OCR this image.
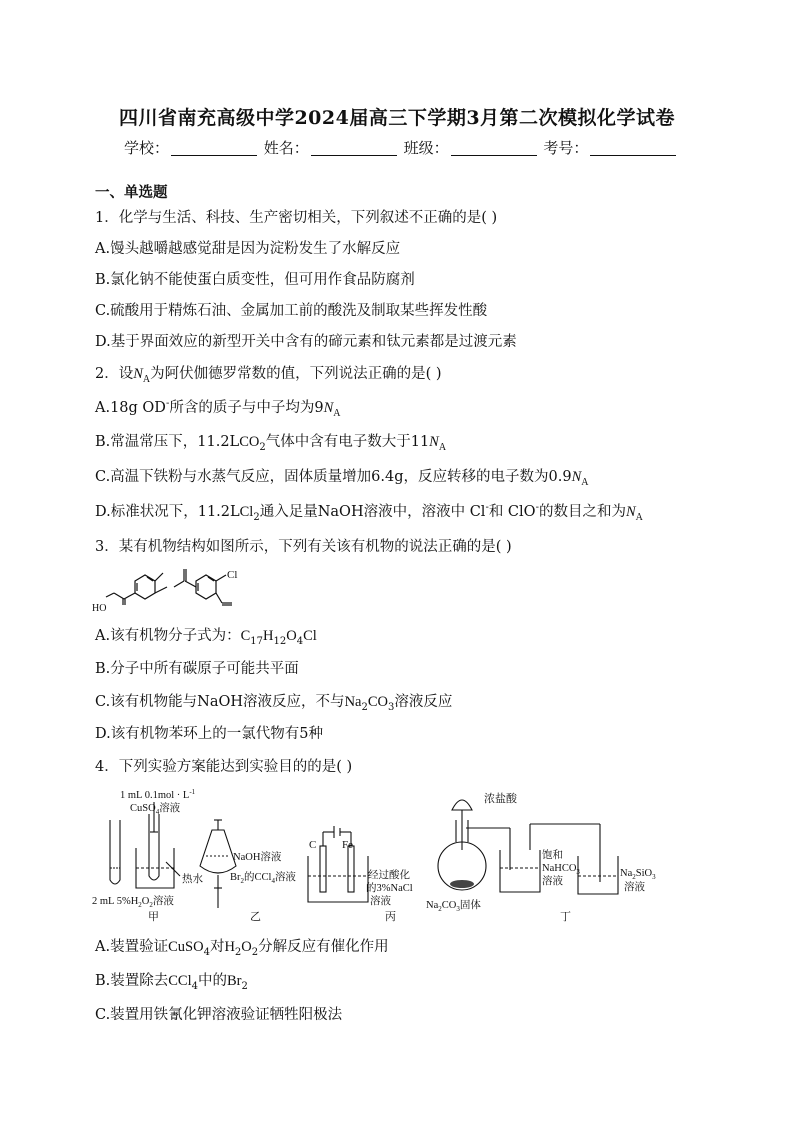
四川省南充高级中学2024届高三下学期3月第二次模拟化学试卷
学校：	姓名：	班级：	考号：
一、单选题
1．化学与生活、科技、生产密切相关，下列叙述不正确的是( )
A.馒头越嚼越感觉甜是因为淀粉发生了水解反应
B.氯化钠不能使蛋白质变性，但可用作食品防腐剂
C.硫酸用于精炼石油、金属加工前的酸洗及制取某些挥发性酸
D.基于界面效应的新型开关中含有的碲元素和钛元素都是过渡元素
2．设$N_A$为阿伏伽德罗常数的值，下列说法正确的是( )
A.18g OD-所含的质子与中子均为$9N_A$
B.常温常压下，$11.2LCO_2$气体中含有电子数大于$11N_A$
C.高温下铁粉与水蒸气反应，固体质量增加6.4g，反应转移的电子数为$0.9N_A$
D.标准状况下，11.2LCl$_2$通入足量NaOH溶液中，溶液中 Cl-和 ClO-的数目之和为$N_A$
3．某有机物结构如图所示，下列有关该有机物的说法正确的是( )
HO
Cl
A.该有机物分子式为：$C_{17}H_{12}O_4Cl$
B.分子中所有碳原子可能共平面
C.该有机物能与NaOH溶液反应，不与$Na_2CO_3$溶液反应
D.该有机物苯环上的一氯代物有5种
4．下列实验方案能达到实验目的的是( )
1 mL $0.1mol \cdot L^{-1}$
CuSO$_4$溶液
热水
2 mL $5\%H_2O_2$溶液
甲
NaOH溶液
$Br_2$的CCl$_4$溶液
乙
C Fe
经过酸化
的3%NaCl
溶液
丙
浓盐酸
$Na_2CO_3$固体
饱和
NaHCO$_3$
溶液
$Na_2SiO_3$
溶液
丁
A.装置验证CuSO$_4$对$H_2O_2$分解反应有催化作用
B.装置除去CCl$_4$中的$Br_2$
C.装置用铁氰化钾溶液验证牺牲阳极法
